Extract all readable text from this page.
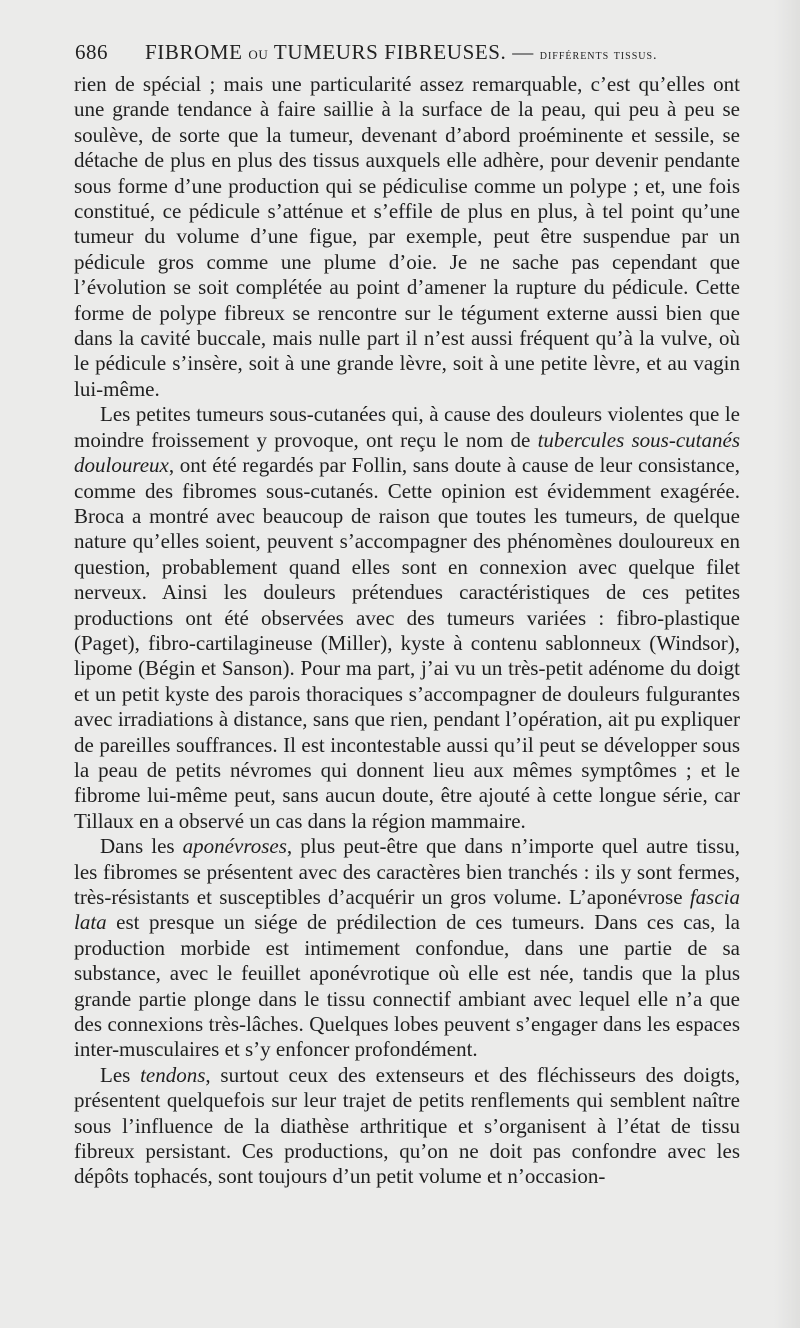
686 FIBROME ou TUMEURS FIBREUSES. — différents tissus.

rien de spécial ; mais une particularité assez remarquable, c’est qu’elles ont une grande tendance à faire saillie à la surface de la peau, qui peu à peu se soulève, de sorte que la tumeur, devenant d’abord proéminente et sessile, se détache de plus en plus des tissus auxquels elle adhère, pour devenir pendante sous forme d’une production qui se pédiculise comme un polype ; et, une fois constitué, ce pédicule s’atténue et s’effile de plus en plus, à tel point qu’une tumeur du volume d’une figue, par exemple, peut être suspendue par un pédicule gros comme une plume d’oie. Je ne sache pas cependant que l’évolution se soit complétée au point d’amener la rupture du pédicule. Cette forme de polype fibreux se rencontre sur le tégument externe aussi bien que dans la cavité buccale, mais nulle part il n’est aussi fréquent qu’à la vulve, où le pédicule s’insère, soit à une grande lèvre, soit à une petite lèvre, et au vagin lui-même.

Les petites tumeurs sous-cutanées qui, à cause des douleurs violentes que le moindre froissement y provoque, ont reçu le nom de tubercules sous-cutanés douloureux, ont été regardés par Follin, sans doute à cause de leur consistance, comme des fibromes sous-cutanés. Cette opinion est évidemment exagérée. Broca a montré avec beaucoup de raison que toutes les tumeurs, de quelque nature qu’elles soient, peuvent s’accompagner des phénomènes douloureux en question, probablement quand elles sont en connexion avec quelque filet nerveux. Ainsi les douleurs prétendues caractéristiques de ces petites productions ont été observées avec des tumeurs variées : fibro-plastique (Paget), fibro-cartilagineuse (Miller), kyste à contenu sablonneux (Windsor), lipome (Bégin et Sanson). Pour ma part, j’ai vu un très-petit adénome du doigt et un petit kyste des parois thoraciques s’accompagner de douleurs fulgurantes avec irradiations à distance, sans que rien, pendant l’opération, ait pu expliquer de pareilles souffrances. Il est incontestable aussi qu’il peut se développer sous la peau de petits névromes qui donnent lieu aux mêmes symptômes ; et le fibrome lui-même peut, sans aucun doute, être ajouté à cette longue série, car Tillaux en a observé un cas dans la région mammaire.

Dans les aponévroses, plus peut-être que dans n’importe quel autre tissu, les fibromes se présentent avec des caractères bien tranchés : ils y sont fermes, très-résistants et susceptibles d’acquérir un gros volume. L’aponévrose fascia lata est presque un siége de prédilection de ces tumeurs. Dans ces cas, la production morbide est intimement confondue, dans une partie de sa substance, avec le feuillet aponévrotique où elle est née, tandis que la plus grande partie plonge dans le tissu connectif ambiant avec lequel elle n’a que des connexions très-lâches. Quelques lobes peuvent s’engager dans les espaces inter-musculaires et s’y enfoncer profondément.

Les tendons, surtout ceux des extenseurs et des fléchisseurs des doigts, présentent quelquefois sur leur trajet de petits renflements qui semblent naître sous l’influence de la diathèse arthritique et s’organisent à l’état de tissu fibreux persistant. Ces productions, qu’on ne doit pas confondre avec les dépôts tophacés, sont toujours d’un petit volume et n’occasion-
